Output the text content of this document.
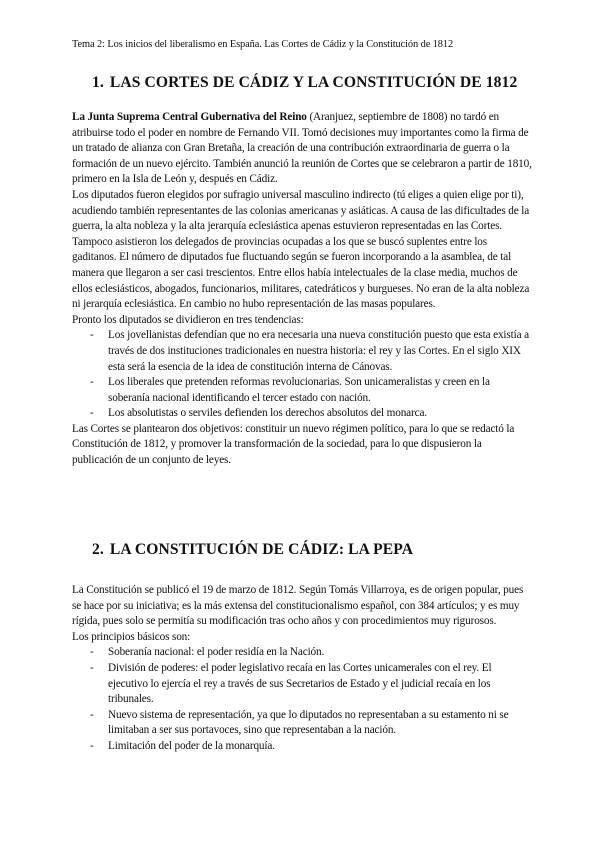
Tema 2: Los inicios del liberalismo en España. Las Cortes de Cádiz y la Constitución de 1812
1. LAS CORTES DE CÁDIZ Y LA CONSTITUCIÓN DE 1812

La Junta Suprema Central Gubernativa del Reino (Aranjuez, septiembre de 1808) no tardó en atribuirse todo el poder en nombre de Fernando VII. Tomó decisiones muy importantes como la firma de un tratado de alianza con Gran Bretaña, la creación de una contribución extraordinaria de guerra o la formación de un nuevo ejército. También anunció la reunión de Cortes que se celebraron a partir de 1810, primero en la Isla de León y, después en Cádiz.

Los diputados fueron elegidos por sufragio universal masculino indirecto (tú eliges a quien elige por ti), acudiendo también representantes de las colonias americanas y asiáticas. A causa de las dificultades de la guerra, la alta nobleza y la alta jerarquía eclesiástica apenas estuvieron representadas en las Cortes. Tampoco asistieron los delegados de provincias ocupadas a los que se buscó suplentes entre los gaditanos. El número de diputados fue fluctuando según se fueron incorporando a la asamblea, de tal manera que llegaron a ser casi trescientos. Entre ellos había intelectuales de la clase media, muchos de ellos eclesiásticos, abogados, funcionarios, militares, catedráticos y burgueses. No eran de la alta nobleza ni jerarquía eclesiástica. En cambio no hubo representación de las masas populares.

Pronto los diputados se dividieron en tres tendencias:

- Los jovellanistas defendían que no era necesaria una nueva constitución puesto que esta existía a través de dos instituciones tradicionales en nuestra historia: el rey y las Cortes. En el siglo XIX esta será la esencia de la idea de constitución interna de Cánovas.
- Los liberales que pretenden reformas revolucionarias. Son unicameralistas y creen en la soberanía nacional identificando el tercer estado con nación.
- Los absolutistas o serviles defienden los derechos absolutos del monarca.

Las Cortes se plantearon dos objetivos: constituir un nuevo régimen político, para lo que se redactó la Constitución de 1812, y promover la transformación de la sociedad, para lo que dispusieron la publicación de un conjunto de leyes.

2. LA CONSTITUCIÓN DE CÁDIZ: LA PEPA

La Constitución se publicó el 19 de marzo de 1812. Según Tomás Villarroya, es de origen popular, pues se hace por su iniciativa; es la más extensa del constitucionalismo español, con 384 artículos; y es muy rígida, pues solo se permitía su modificación tras ocho años y con procedimientos muy rigurosos.

Los principios básicos son:

- Soberanía nacional: el poder residía en la Nación.
- División de poderes: el poder legislativo recaía en las Cortes unicamerales con el rey. El ejecutivo lo ejercía el rey a través de sus Secretarios de Estado y el judicial recaía en los tribunales.
- Nuevo sistema de representación, ya que lo diputados no representaban a su estamento ni se limitaban a ser sus portavoces, sino que representaban a la nación.
- Limitación del poder de la monarquía.
